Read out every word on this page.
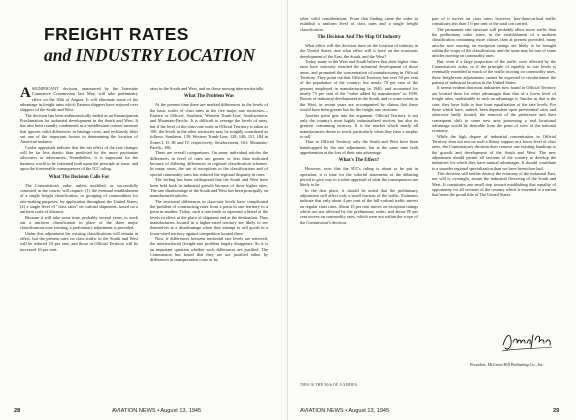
FREIGHT RATES
and INDUSTRY LOCATION

ASIGNIFICANT decision, announced by the Interstate Commerce Commission last May, will take preliminary effect on the 30th of August. It will eliminate some of the advantage in freight rates which Eastern shippers have enjoyed over shippers of the South and West.

The decision has been enthusiastically hailed as an Emancipation Proclamation for industrial development in the South and West. It has also been roundly condemned as a meddlesome control measure that ignores valid differences in haulage costs, and recklessly blots out one of the important factors in determining the location of American industry.

Cooler appraisals indicate that the net effect of the rate changes will be far less drastic than predicted by the more passionate advocates or adversaries. Nonetheless, it is important for the business world to be informed both upon the principle at issue, and upon the foreseeable consequences of the ICC ruling.

What The Decision Calls For

The Commission's order, unless modified, or successfully contested in the courts, will require: (1) the eventual establishment of a single freight classification, or grouping of commodities for rate-making purposes, for application throughout the United States; (2) a single level of "class rates" on carload shipments, based on a uniform scale of distance.

Because it will take some time, probably several years, to work out a uniform classification in place of the three major classifications now existing, a preliminary adjustment is provided.

Under this adjustment the existing classifications will remain in effect, but the present rates on class traffic in the South and West will be reduced 10 per cent, and those in Official Territory will be increased 10 per cent.

rates in the South and West, and on those moving interterritorially.

What The Problem Was

At the present time there are marked differences in the levels of the basic scales of class rates in the five major rate territories—Eastern or Official, Southern, Western Trunk-Line, Southwestern, and Mountain-Pacific. It is difficult to average the levels of rates, but if the level of the class-rate scale in Official Territory is taken as 100, the levels in the other territories may be roughly considered as follows: Southern, 139; Western Trunk-Line, 128, 146, 151, 184 in Zones I, II, III and IV, respectively; Southwestern, 161; Mountain-Pacific, 186.

These are overall comparisons. On many individual articles the differences in level of rates are greater or less than indicated because of differing differences in regional classification schemes. In many cases, the use of exceptions to the classifications and of special commodity rates has reduced the regional disparity in rates.

The feeling has been widespread that the South and West have been held back in industrial growth because of these higher rates. The rate disadvantage of the South and West has been principally on manufactured articles.

The territorial differences in class-rate levels have complicated the problem of constructing rates from a point in one territory to a point in another. Today, such a rate tends to represent a blend of the levels in effect at the place of shipment and at the destination. Thus manufacturers located in a higher-rated territory are likely to see themselves at a disadvantage when they attempt to sell goods in a lower-rated territory against competition located there.

Now, if differences between territorial rate levels are removed, the interterritorial (freight-rate problem largely disappears. So it is an important question whether such differences are justified. The Commission has found that they are not justified either by differences in transportation costs or by

other valid considerations. From that finding came the order to establish a uniform level of class rates and a single freight classification.

The Decision And The Map Of Industry

What effect will this decision have on the location of industry in the United States; and what effect will it have on the economic development of the East, the South, and the West?

Today, many in the West and South believe that their higher class rates have seriously retarded the industrial development of those areas, and promoted the concentration of manufacturing in Official Territory. They point out that Official Territory has over 50 per cent of the population of the country; but nearly 70 per cent of the persons employed in manufacturing in 1940, and accounted for nearly 73 per cent of the "value added by manufacture" in 1939. Boosts of industrial development in the South, and to some extent in the West, in recent years are accompanied by claims that these would have been greater but for the freight rate structure.

Another point gets into the argument. Official Territory is not only the country's most highly industrialized section, but also its greatest consuming territory. It is the market which nearly all manufacturers desire to reach, particularly when they have a surplus to sell.

Thus in Official Territory only the South and West have been handicapped by the rate adjustment, but at the same time both apprehension at the loss of their rate advantage.

What's The Effect?

However, now that the ICC's ruling is about to be put in operation, it is time for the colorful statements of the debating period to give way to a sober appraisal of what the consequences are likely to be.

In the first place, it should be noted that the preliminary adjustment will affect only a small fraction of the traffic. Estimates indicate that only about 4 per cent of the full-carload traffic moves on regular class rates. About 15 per cent moves on exception ratings which are not affected by the preliminary order; and about 85 per cent moves on commodity rates, which were not within the scope of the Commission's decision.

part of it moves on class rates; however, less-than-carload traffic constitutes less than 1½ per cent of the total ton carried.

The permanent rate structure will probably affect more traffic than the preliminary order since, in the establishment of a uniform classification containing more classes than at present provided, many articles now moving on exception ratings are likely to be brought within the scope of the classification, and the same may be true of some articles moving on commodity rates.

But, even if a large proportion of the traffic were affected by the Commission's order, or if the principle of equality in rate levels is eventually extended to much of the traffic moving on commodity rates, these freight-rate adjustments cannot be expected to revolutionize the pattern of industrial location in the United States.

It seems evident that most industries now found in Official Territory are located there for other advantages than that of a lower level of freight rates, undesirable as such an advantage is. Insofar as that is the case, they have little to fear from equalization of the rate levels. For those which have, indeed, been dependent upon preferential rates and otherwise badly located, the removal of the preference and their consequent shift to some new area possessing a real locational advantage would be desirable from the point of view of the national economy.

While the high degree of industrial concentration in Official Territory does not rest on such a flimsy support as a lower level of class rates, the Commission's decision does remove one existing handicap to the growth and development of the South and West. The new adjustment should permit all sections of the country to develop the industries for which they have natural advantages. It should contribute to a sounder regional specialization than we have heretofore had.

This decision will neither destroy the economy of the industrial East, nor will it, overnight, assure the industrial flowering of the South and West. It constitutes one small step toward establishing that equality of opportunity for all sections of the country which is essential to a nation that bears the proud title of The United States.

President, McGraw-Hill Publishing Co., Inc.
THIS IS THE 30th OF A SERIES
28	AVIATION NEWS • August 13, 1945	AVIATION NEWS • August 13, 1945	29
